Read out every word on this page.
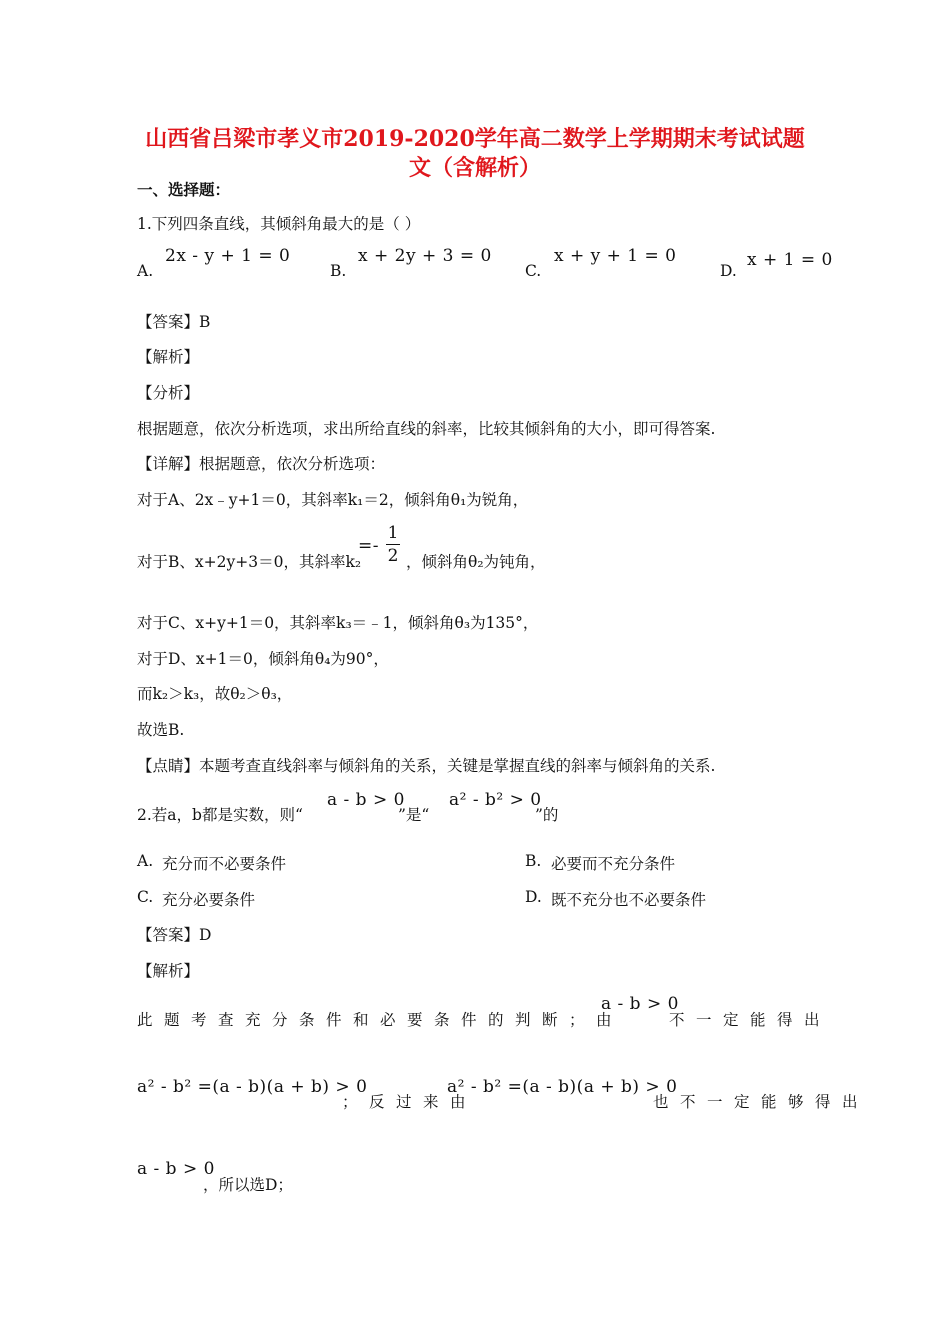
山西省吕梁市孝义市2019-2020学年高二数学上学期期末考试试题
文（含解析）
一、选择题：
1.下列四条直线，其倾斜角最大的是（ ）
A.
2x - y + 1 = 0
B.
x + 2y + 3 = 0
C.
x + y + 1 = 0
D.
x + 1 = 0
【答案】B
【解析】
【分析】
根据题意，依次分析选项，求出所给直线的斜率，比较其倾斜角的大小，即可得答案.
【详解】根据题意，依次分析选项：
对于A、2x﹣y+1＝0，其斜率k₁＝2，倾斜角θ₁为锐角，
对于B、x+2y+3＝0，其斜率k₂
=- $\frac{1}{2}$ ，倾斜角θ₂为钝角，
对于C、x+y+1＝0，其斜率k₃＝﹣1，倾斜角θ₃为135°，
对于D、x+1＝0，倾斜角θ₄为90°，
而k₂＞k₃，故θ₂＞θ₃，
故选B.
【点睛】本题考查直线斜率与倾斜角的关系，关键是掌握直线的斜率与倾斜角的关系.
2.若a，b都是实数，则“
a - b > 0
”是“
a² - b² > 0
”的
A. 充分而不必要条件	B. 必要而不充分条件
C. 充分必要条件	D. 既不充分也不必要条件
【答案】D
【解析】
此题考查充分条件和必要条件的判断；由
a - b > 0
不一定能得出
a² - b² =(a - b)(a + b) > 0
；反过来由
a² - b² =(a - b)(a + b) > 0
也不一定能够得出
a - b > 0
，所以选D；
